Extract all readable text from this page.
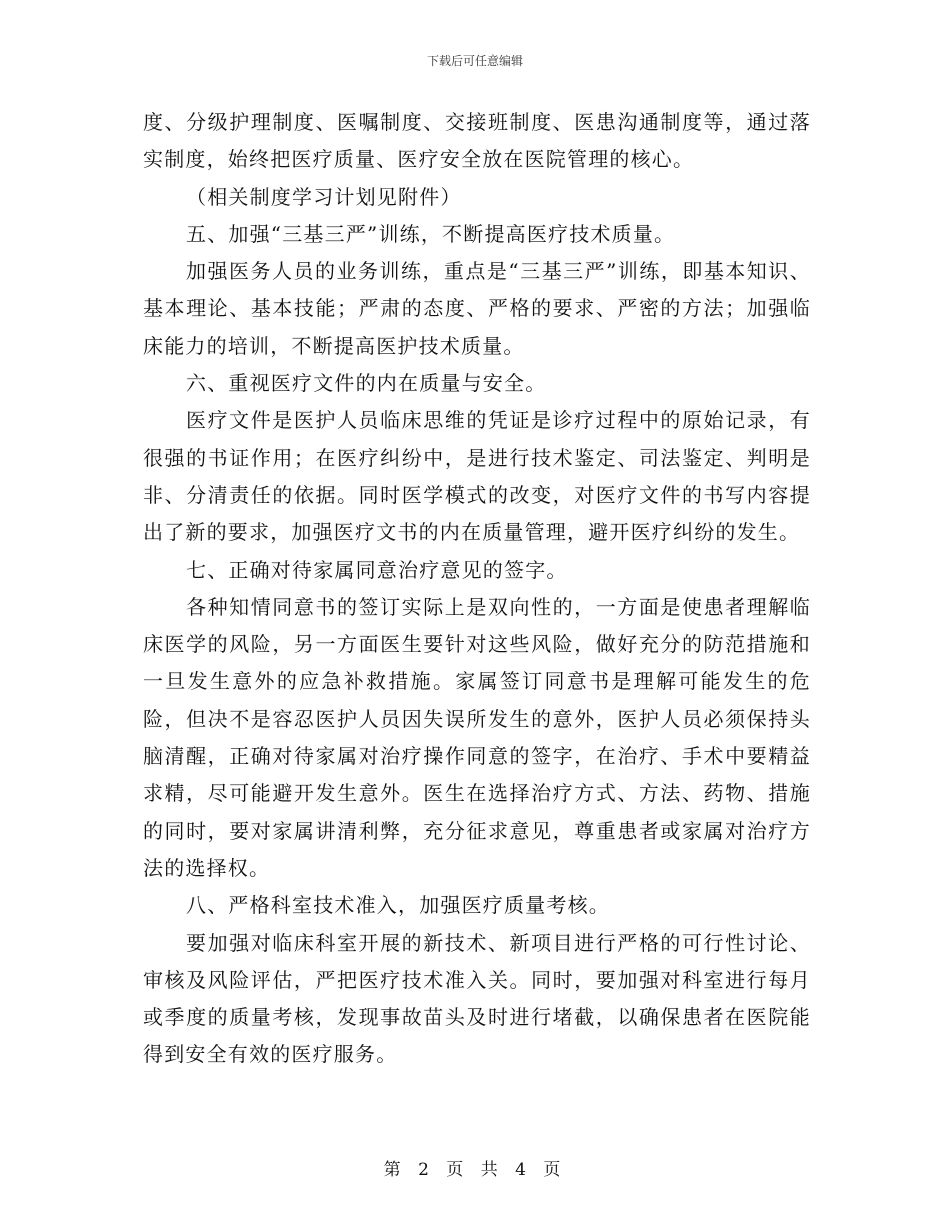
下载后可任意编辑

度、分级护理制度、医嘱制度、交接班制度、医患沟通制度等，通过落实制度，始终把医疗质量、医疗安全放在医院管理的核心。

（相关制度学习计划见附件）

五、加强“三基三严”训练，不断提高医疗技术质量。

加强医务人员的业务训练，重点是“三基三严”训练，即基本知识、基本理论、基本技能；严肃的态度、严格的要求、严密的方法；加强临床能力的培训，不断提高医护技术质量。

六、重视医疗文件的内在质量与安全。

医疗文件是医护人员临床思维的凭证是诊疗过程中的原始记录，有很强的书证作用；在医疗纠纷中，是进行技术鉴定、司法鉴定、判明是非、分清责任的依据。同时医学模式的改变，对医疗文件的书写内容提出了新的要求，加强医疗文书的内在质量管理，避开医疗纠纷的发生。

七、正确对待家属同意治疗意见的签字。

各种知情同意书的签订实际上是双向性的，一方面是使患者理解临床医学的风险，另一方面医生要针对这些风险，做好充分的防范措施和一旦发生意外的应急补救措施。家属签订同意书是理解可能发生的危险，但决不是容忍医护人员因失误所发生的意外，医护人员必须保持头脑清醒，正确对待家属对治疗操作同意的签字，在治疗、手术中要精益求精，尽可能避开发生意外。医生在选择治疗方式、方法、药物、措施的同时，要对家属讲清利弊，充分征求意见，尊重患者或家属对治疗方法的选择权。

八、严格科室技术准入，加强医疗质量考核。

要加强对临床科室开展的新技术、新项目进行严格的可行性讨论、审核及风险评估，严把医疗技术准入关。同时，要加强对科室进行每月或季度的质量考核，发现事故苗头及时进行堵截，以确保患者在医院能得到安全有效的医疗服务。

第 2 页 共 4 页
